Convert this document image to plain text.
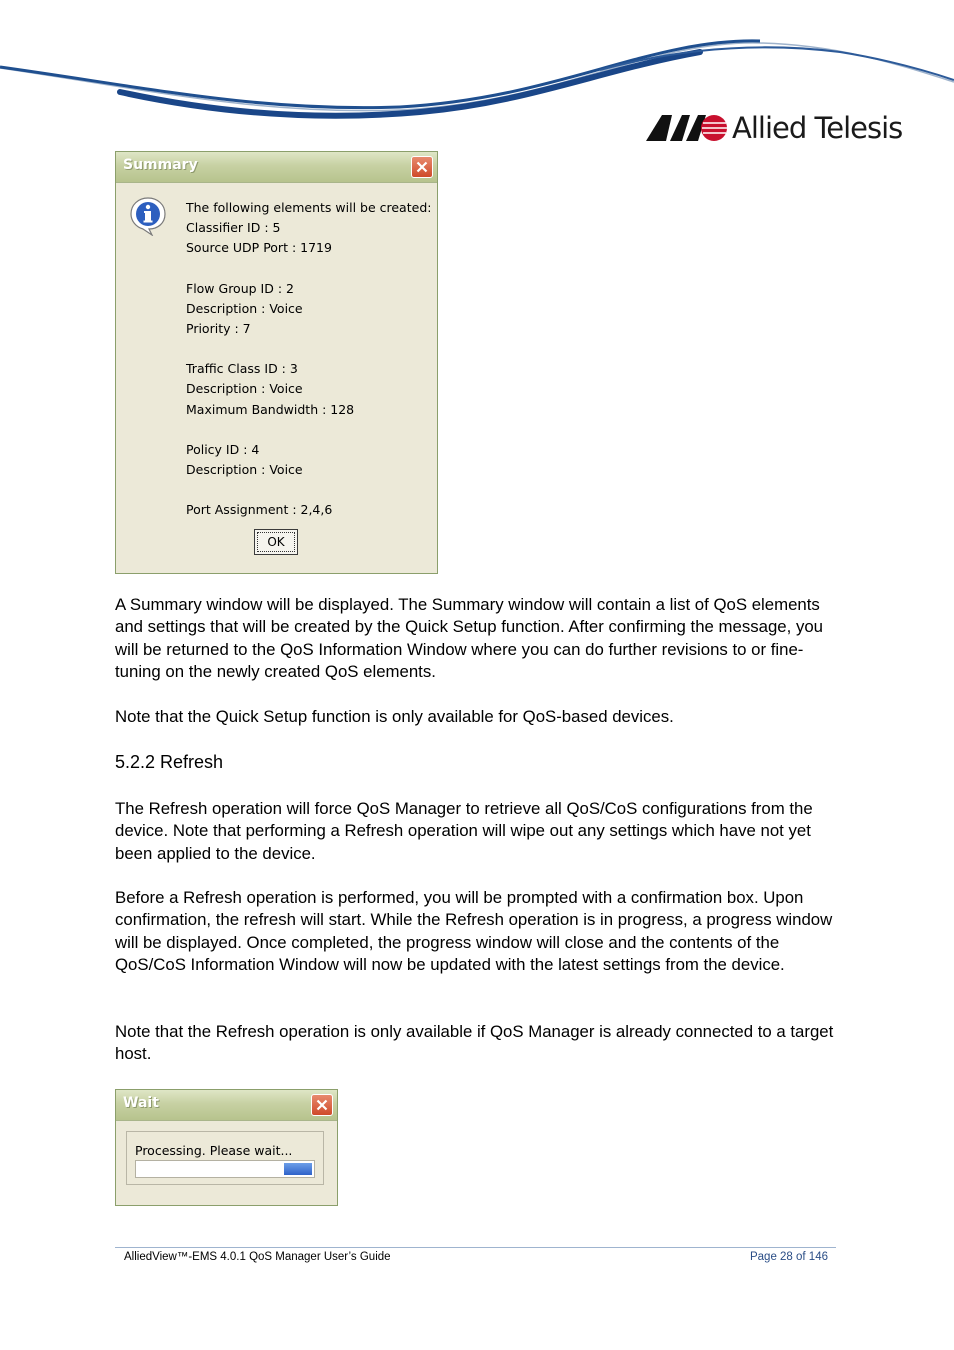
Allied Telesis
Summary
The following elements will be created:
Classifier ID : 5
Source UDP Port : 1719
Flow Group ID : 2
Description : Voice
Priority : 7
Traffic Class ID : 3
Description : Voice
Maximum Bandwidth : 128
Policy ID : 4
Description : Voice
Port Assignment : 2,4,6
OK

A Summary window will be displayed. The Summary window will contain a list of QoS elements and settings that will be created by the Quick Setup function. After confirming the message, you will be returned to the QoS Information Window where you can do further revisions to or fine-tuning on the newly created QoS elements.

Note that the Quick Setup function is only available for QoS-based devices.

5.2.2 Refresh

The Refresh operation will force QoS Manager to retrieve all QoS/CoS configurations from the device. Note that performing a Refresh operation will wipe out any settings which have not yet been applied to the device.

Before a Refresh operation is performed, you will be prompted with a confirmation box. Upon confirmation, the refresh will start. While the Refresh operation is in progress, a progress window will be displayed. Once completed, the progress window will close and the contents of the QoS/CoS Information Window will now be updated with the latest settings from the device.

Note that the Refresh operation is only available if QoS Manager is already connected to a target host.

Wait
Processing. Please wait...
AlliedView™-EMS 4.0.1 QoS Manager User’s Guide	Page 28 of 146
